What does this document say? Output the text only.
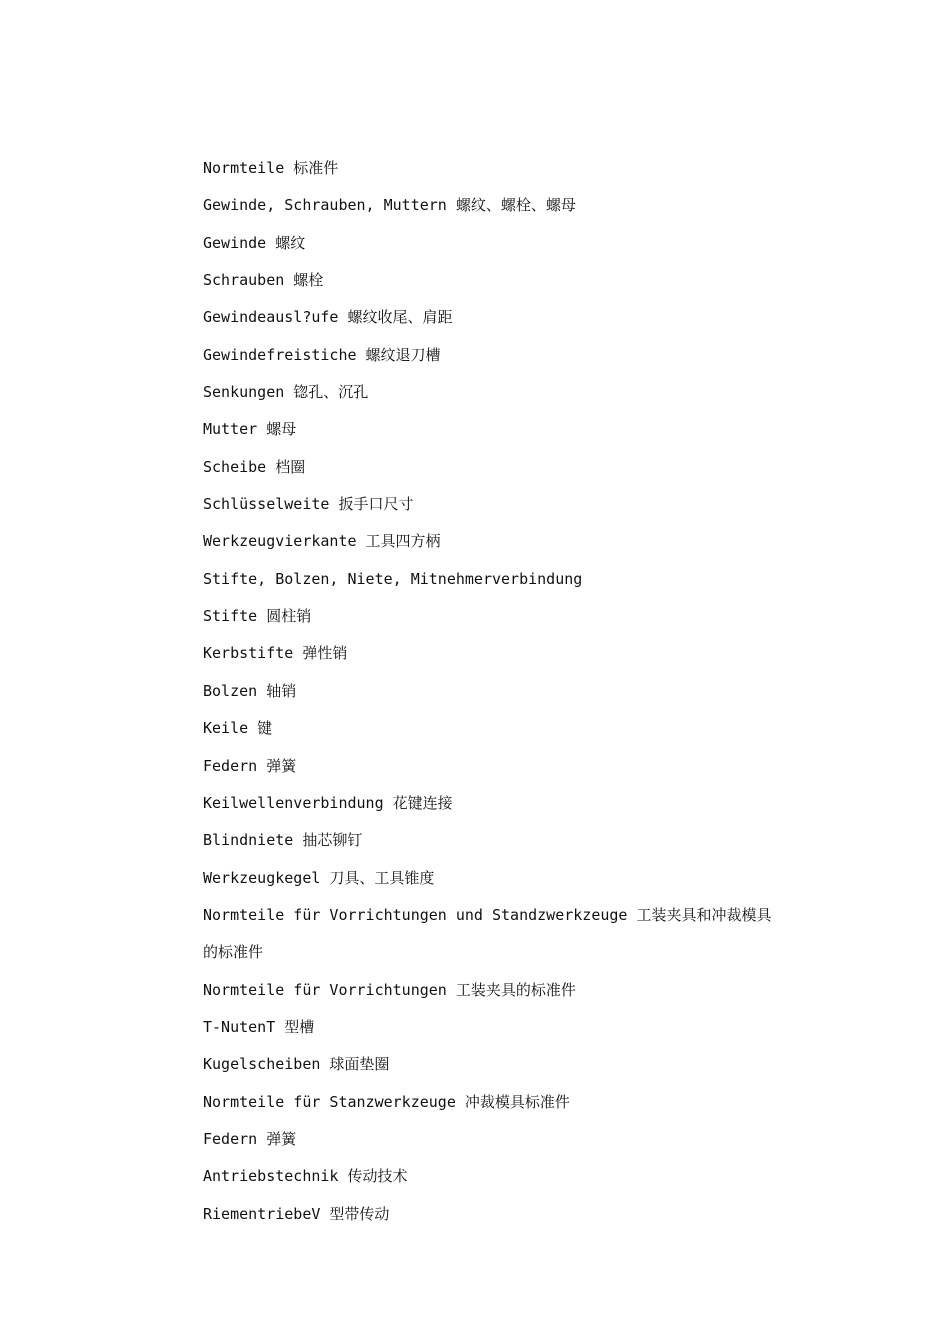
Normteile 标准件
Gewinde, Schrauben, Muttern 螺纹、螺栓、螺母
Gewinde 螺纹
Schrauben 螺栓
Gewindeausl?ufe 螺纹收尾、肩距
Gewindefreistiche 螺纹退刀槽
Senkungen 锪孔、沉孔
Mutter 螺母
Scheibe 档圈
Schlüsselweite 扳手口尺寸
Werkzeugvierkante 工具四方柄
Stifte, Bolzen, Niete, Mitnehmerverbindung
Stifte 圆柱销
Kerbstifte 弹性销
Bolzen 轴销
Keile 键
Federn 弹簧
Keilwellenverbindung 花键连接
Blindniete 抽芯铆钉
Werkzeugkegel 刀具、工具锥度
Normteile für Vorrichtungen und Standzwerkzeuge 工装夹具和冲裁模具
的标准件
Normteile für Vorrichtungen 工装夹具的标准件
T-NutenT 型槽
Kugelscheiben 球面垫圈
Normteile für Stanzwerkzeuge 冲裁模具标准件
Federn 弹簧
Antriebstechnik 传动技术
RiementriebeV 型带传动
